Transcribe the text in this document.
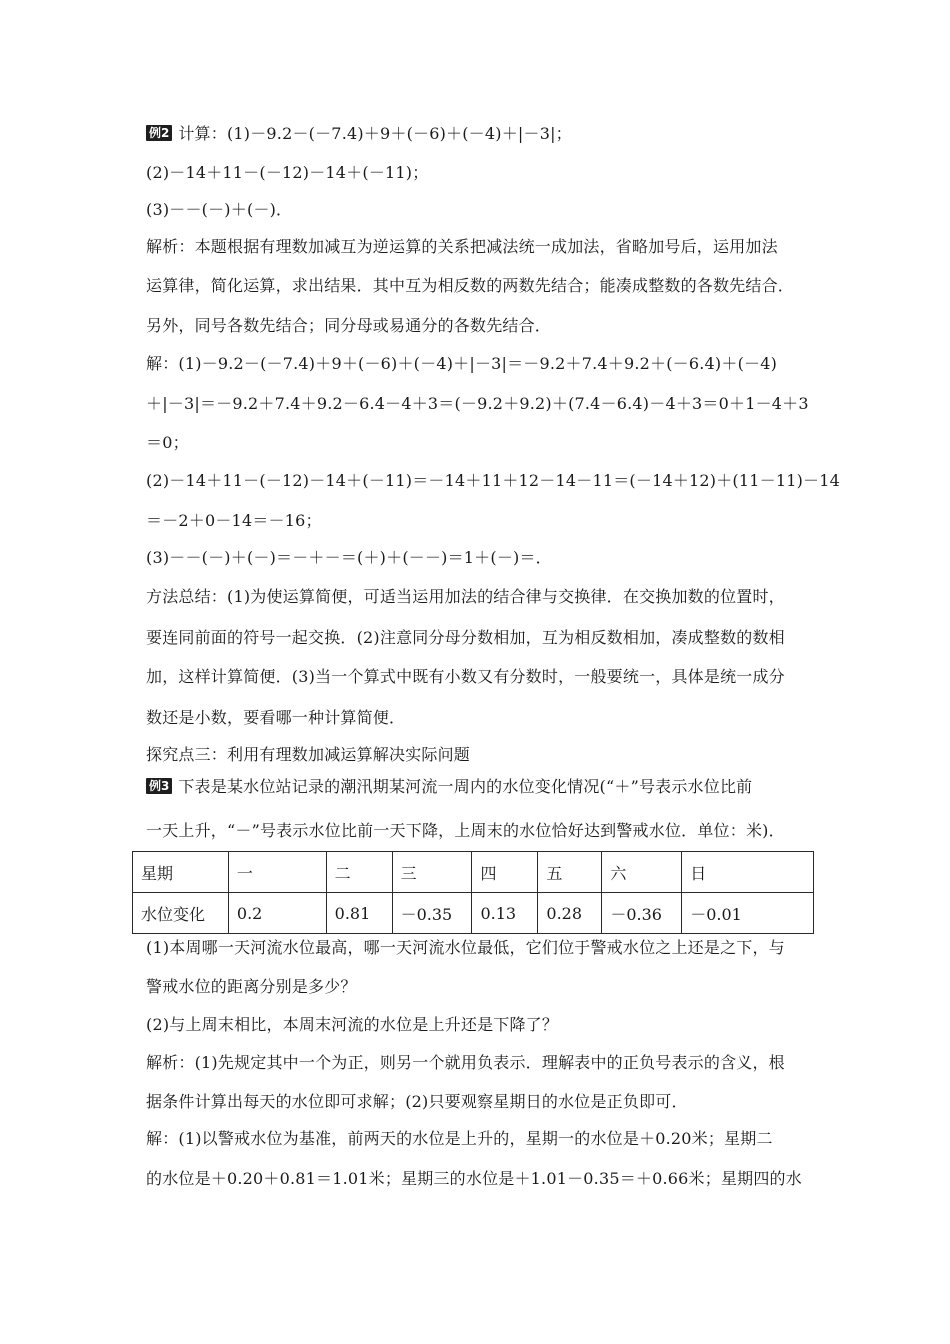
例2 计算：(1)－9.2－(－7.4)＋9＋(－6)＋(－4)＋|－3|；
(2)－14＋11－(－12)－14＋(－11)；
(3)－－(－)＋(－)．
解析：本题根据有理数加减互为逆运算的关系把减法统一成加法，省略加号后，运用加法
运算律，简化运算，求出结果．其中互为相反数的两数先结合；能凑成整数的各数先结合．
另外，同号各数先结合；同分母或易通分的各数先结合．
解：(1)－9.2－(－7.4)＋9＋(－6)＋(－4)＋|－3|＝－9.2＋7.4＋9.2＋(－6.4)＋(－4)
＋|－3|＝－9.2＋7.4＋9.2－6.4－4＋3＝(－9.2＋9.2)＋(7.4－6.4)－4＋3＝0＋1－4＋3
＝0；
(2)－14＋11－(－12)－14＋(－11)＝－14＋11＋12－14－11＝(－14＋12)＋(11－11)－14
＝－2＋0－14＝－16；
(3)－－(－)＋(－)＝－＋－＝(＋)＋(－－)＝1＋(－)＝．
方法总结：(1)为使运算简便，可适当运用加法的结合律与交换律．在交换加数的位置时，
要连同前面的符号一起交换．(2)注意同分母分数相加，互为相反数相加，凑成整数的数相
加，这样计算简便．(3)当一个算式中既有小数又有分数时，一般要统一，具体是统一成分
数还是小数，要看哪一种计算简便．
探究点三：利用有理数加减运算解决实际问题
例3 下表是某水位站记录的潮汛期某河流一周内的水位变化情况(“＋”号表示水位比前
一天上升，“－”号表示水位比前一天下降，上周末的水位恰好达到警戒水位．单位：米)．
星期	一	二	三	四	五	六	日
水位变化	0.2	0.81	－0.35	0.13	0.28	－0.36	－0.01
(1)本周哪一天河流水位最高，哪一天河流水位最低，它们位于警戒水位之上还是之下，与
警戒水位的距离分别是多少？
(2)与上周末相比，本周末河流的水位是上升还是下降了？
解析：(1)先规定其中一个为正，则另一个就用负表示．理解表中的正负号表示的含义，根
据条件计算出每天的水位即可求解；(2)只要观察星期日的水位是正负即可．
解：(1)以警戒水位为基准，前两天的水位是上升的，星期一的水位是＋0.20米；星期二
的水位是＋0.20＋0.81＝1.01米；星期三的水位是＋1.01－0.35＝＋0.66米；星期四的水
